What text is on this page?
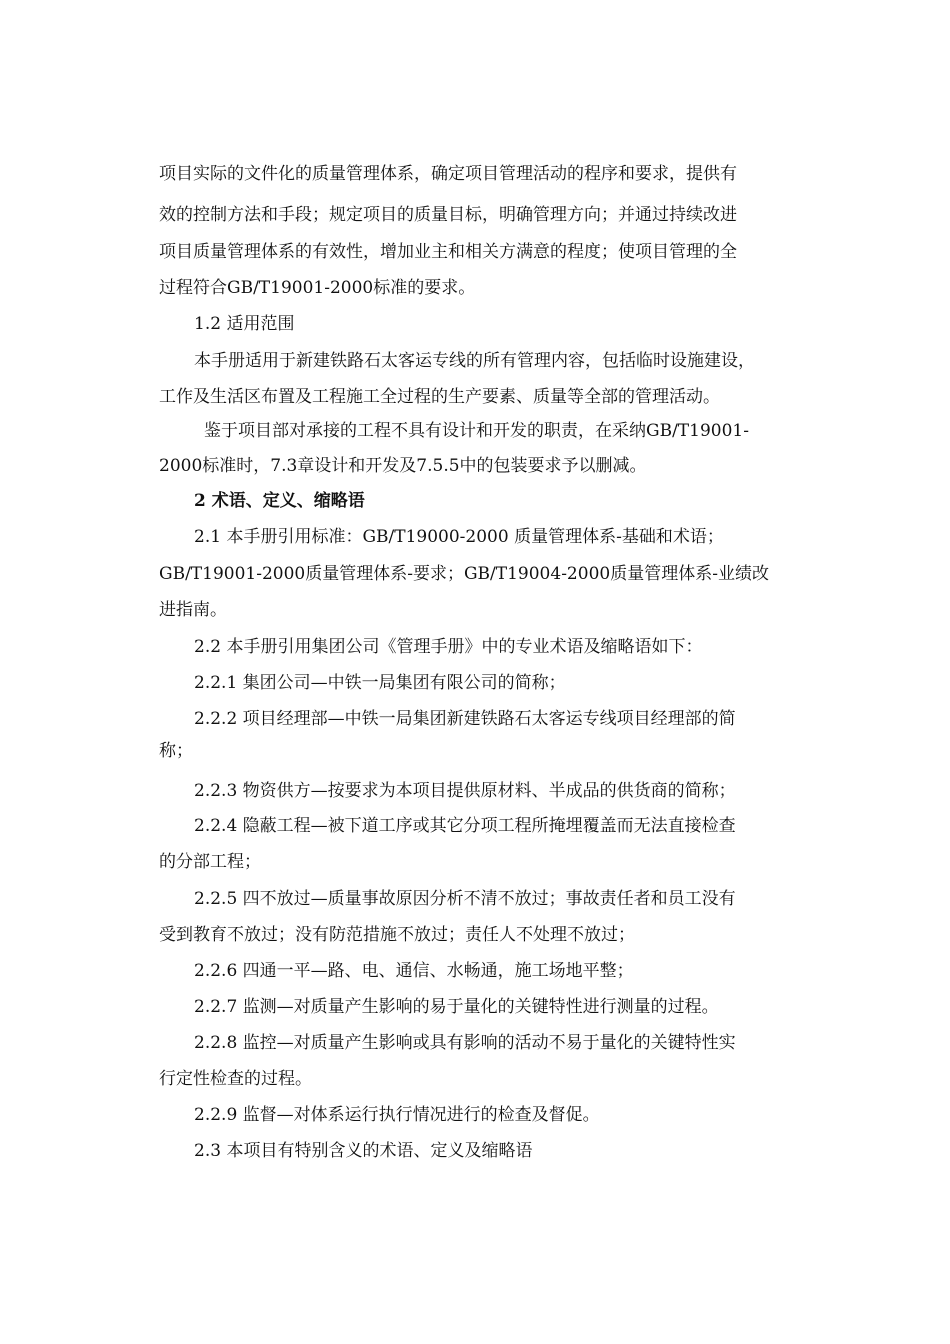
项目实际的文件化的质量管理体系，确定项目管理活动的程序和要求，提供有
效的控制方法和手段；规定项目的质量目标，明确管理方向；并通过持续改进
项目质量管理体系的有效性，增加业主和相关方满意的程度；使项目管理的全
过程符合GB/T19001-2000标准的要求。
1.2 适用范围
本手册适用于新建铁路石太客运专线的所有管理内容，包括临时设施建设，
工作及生活区布置及工程施工全过程的生产要素、质量等全部的管理活动。
鉴于项目部对承接的工程不具有设计和开发的职责，在采纳GB/T19001-
2000标准时，7.3章设计和开发及7.5.5中的包装要求予以删减。
2 术语、定义、缩略语
2.1 本手册引用标准：GB/T19000-2000 质量管理体系-基础和术语；
GB/T19001-2000质量管理体系-要求；GB/T19004-2000质量管理体系-业绩改
进指南。
2.2 本手册引用集团公司《管理手册》中的专业术语及缩略语如下：
2.2.1 集团公司—中铁一局集团有限公司的简称；
2.2.2 项目经理部—中铁一局集团新建铁路石太客运专线项目经理部的简
称；
2.2.3 物资供方—按要求为本项目提供原材料、半成品的供货商的简称；
2.2.4 隐蔽工程—被下道工序或其它分项工程所掩埋覆盖而无法直接检查
的分部工程；
2.2.5 四不放过—质量事故原因分析不清不放过；事故责任者和员工没有
受到教育不放过；没有防范措施不放过；责任人不处理不放过；
2.2.6 四通一平—路、电、通信、水畅通，施工场地平整；
2.2.7 监测—对质量产生影响的易于量化的关键特性进行测量的过程。
2.2.8 监控—对质量产生影响或具有影响的活动不易于量化的关键特性实
行定性检查的过程。
2.2.9 监督—对体系运行执行情况进行的检查及督促。
2.3 本项目有特别含义的术语、定义及缩略语
